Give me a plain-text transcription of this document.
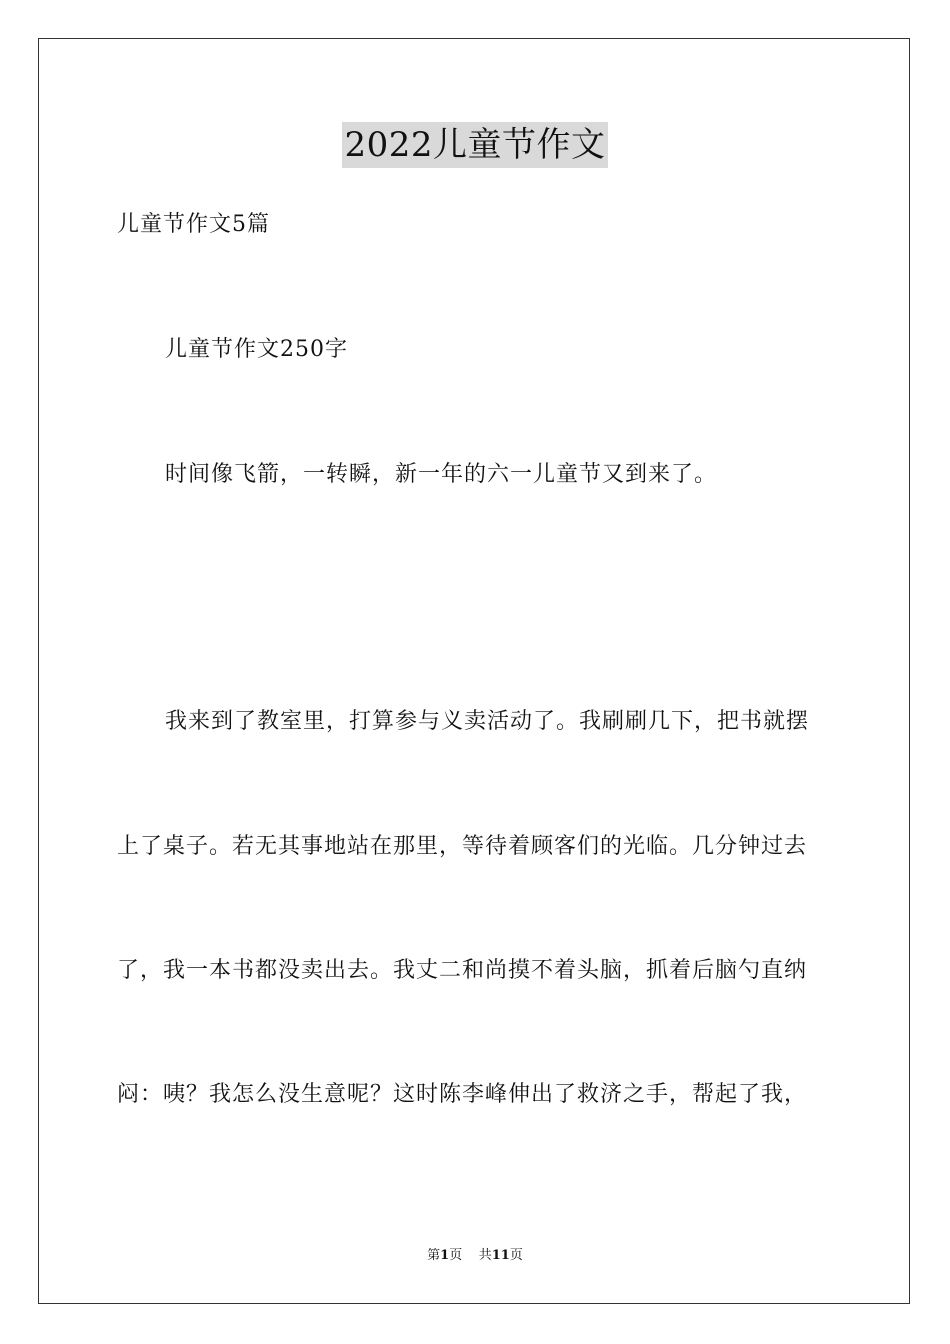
2022儿童节作文
儿童节作文5篇
儿童节作文250字
时间像飞箭，一转瞬，新一年的六一儿童节又到来了。
我来到了教室里，打算参与义卖活动了。我刷刷几下，把书就摆
上了桌子。若无其事地站在那里，等待着顾客们的光临。几分钟过去
了，我一本书都没卖出去。我丈二和尚摸不着头脑，抓着后脑勺直纳
闷：咦？我怎么没生意呢？这时陈李峰伸出了救济之手，帮起了我，
第1页 共11页
